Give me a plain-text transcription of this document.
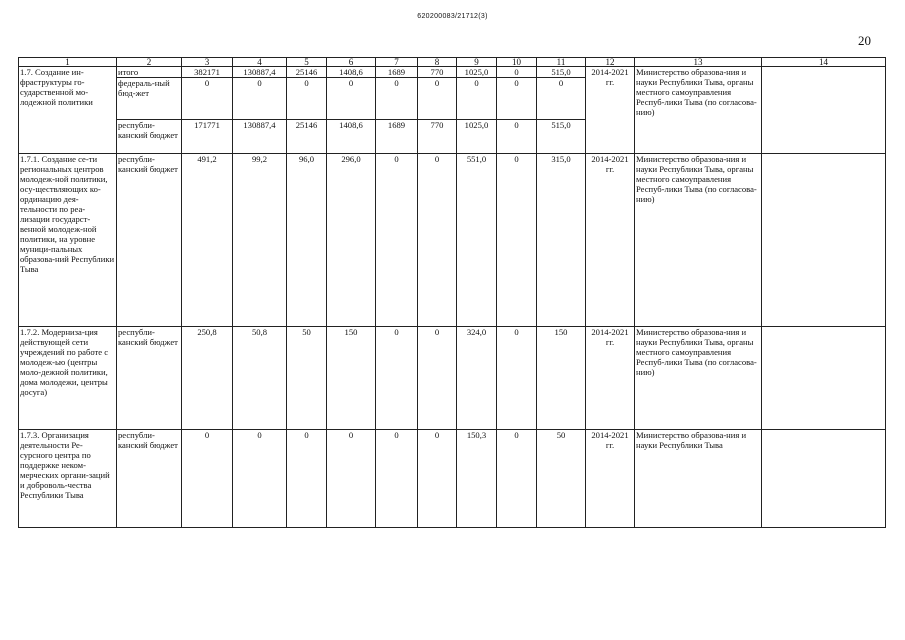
620200083/21712(3)
20
1	2	3	4	5	6	7	8	9	10	11	12	13	14
1.7. Создание ин-фраструктуры го-сударственной мо-лодежной политики	итого	382171	130887,4	25146	1408,6	1689	770	1025,0	0	515,0	2014-2021 гг.	Министерство образова-ния и науки Республики Тыва, органы местного самоуправления Респуб-лики Тыва (по согласова-нию)	
	федераль-ный бюд-жет	0	0	0	0	0	0	0	0	0			
	республи-канский бюджет	171771	130887,4	25146	1408,6	1689	770	1025,0	0	515,0			
1.7.1. Создание се-ти региональных центров молодеж-ной политики, осу-ществляющих ко-ординацию дея-тельности по реа-лизации государст-венной молодеж-ной политики, на уровне муници-пальных образова-ний Республики Тыва	республи-канский бюджет	491,2	99,2	96,0	296,0	0	0	551,0	0	315,0	2014-2021 гг.	Министерство образова-ния и науки Республики Тыва, органы местного самоуправления Респуб-лики Тыва (по согласова-нию)	
1.7.2. Модерниза-ция действующей сети учреждений по работе с молодеж-ью (центры моло-дежной политики, дома молодежи, центры досуга)	республи-канский бюджет	250,8	50,8	50	150	0	0	324,0	0	150	2014-2021 гг.	Министерство образова-ния и науки Республики Тыва, органы местного самоуправления Респуб-лики Тыва (по согласова-нию)	
1.7.3. Организация деятельности Ре-сурсного центра по поддержке неком-мерческих органи-заций и доброволь-чества Республики Тыва	республи-канский бюджет	0	0	0	0	0	0	150,3	0	50	2014-2021 гг.	Министерство образова-ния и науки Республики Тыва	
